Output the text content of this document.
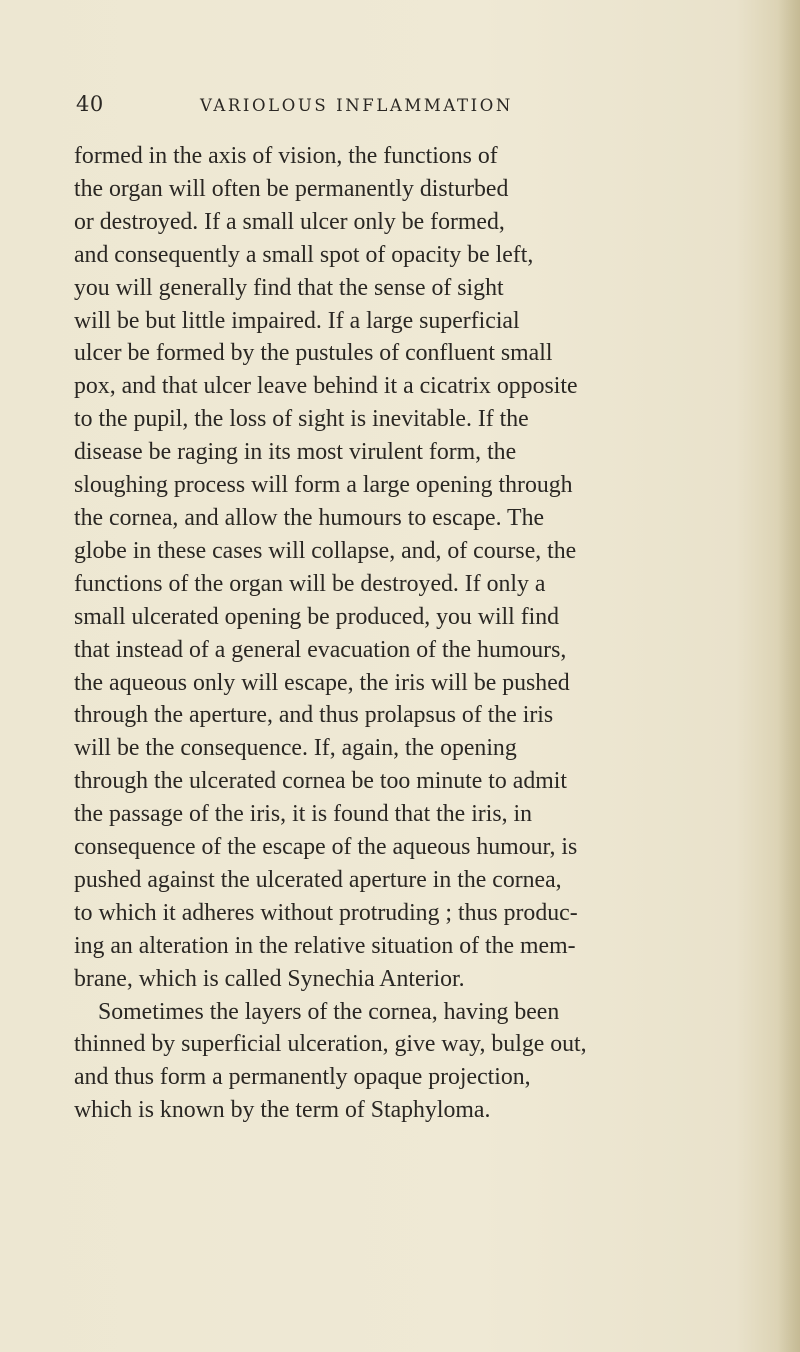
40	VARIOLOUS INFLAMMATION
formed in the axis of vision, the functions of
the organ will often be permanently disturbed
or destroyed. If a small ulcer only be formed,
and consequently a small spot of opacity be left,
you will generally find that the sense of sight
will be but little impaired. If a large superficial
ulcer be formed by the pustules of confluent small
pox, and that ulcer leave behind it a cicatrix opposite
to the pupil, the loss of sight is inevitable. If the
disease be raging in its most virulent form, the
sloughing process will form a large opening through
the cornea, and allow the humours to escape. The
globe in these cases will collapse, and, of course, the
functions of the organ will be destroyed. If only a
small ulcerated opening be produced, you will find
that instead of a general evacuation of the humours,
the aqueous only will escape, the iris will be pushed
through the aperture, and thus prolapsus of the iris
will be the consequence. If, again, the opening
through the ulcerated cornea be too minute to admit
the passage of the iris, it is found that the iris, in
consequence of the escape of the aqueous humour, is
pushed against the ulcerated aperture in the cornea,
to which it adheres without protruding ; thus produc-
ing an alteration in the relative situation of the mem-
brane, which is called Synechia Anterior.
Sometimes the layers of the cornea, having been
thinned by superficial ulceration, give way, bulge out,
and thus form a permanently opaque projection,
which is known by the term of Staphyloma.
